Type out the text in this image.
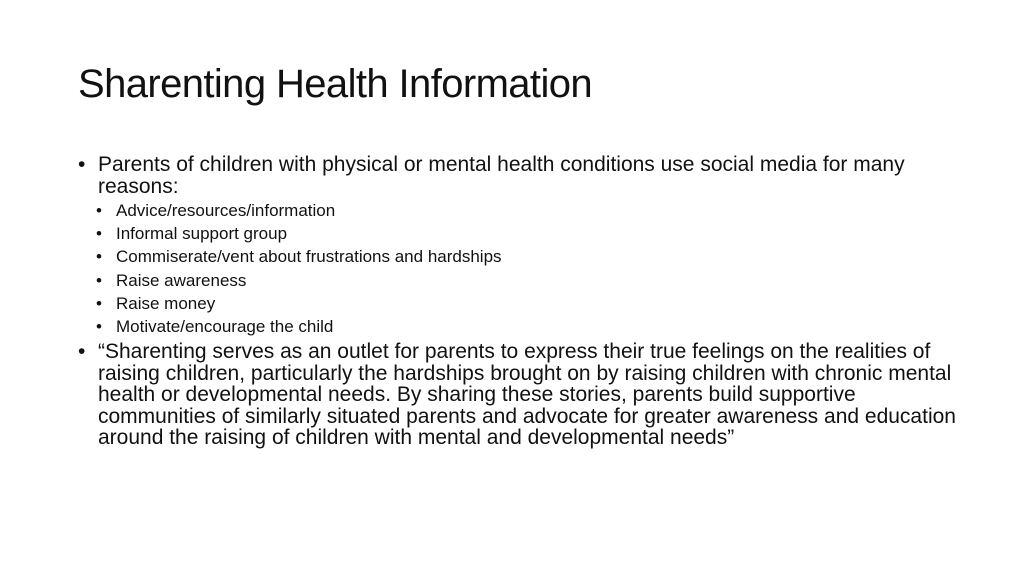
Sharenting Health Information
• Parents of children with physical or mental health conditions use social media for many reasons:
• Advice/resources/information
• Informal support group
• Commiserate/vent about frustrations and hardships
• Raise awareness
• Raise money
• Motivate/encourage the child
• “Sharenting serves as an outlet for parents to express their true feelings on the realities of raising children, particularly the hardships brought on by raising children with chronic mental health or developmental needs. By sharing these stories, parents build supportive communities of similarly situated parents and advocate for greater awareness and education around the raising of children with mental and developmental needs”
